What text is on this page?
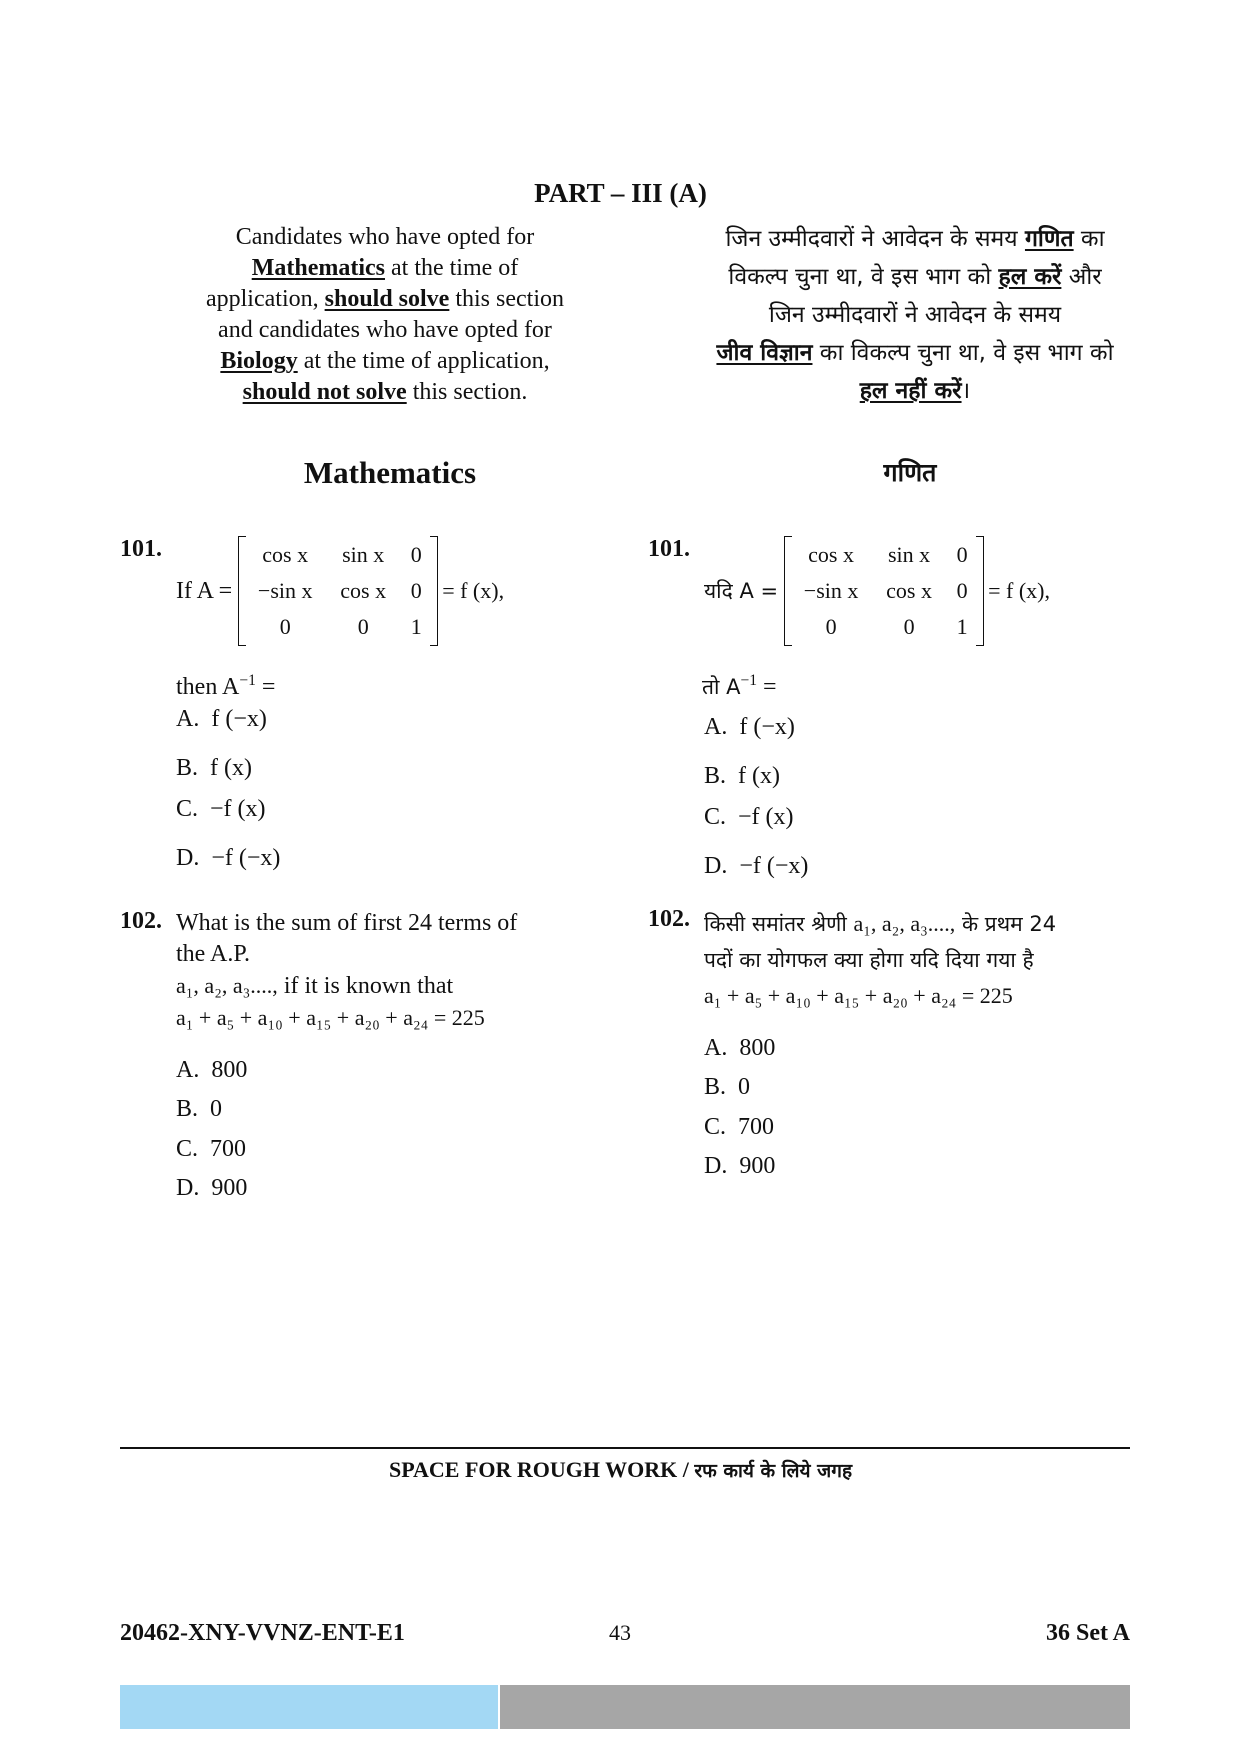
PART – III (A)
Candidates who have opted for
Mathematics at the time of
application, should solve this section
and candidates who have opted for
Biology at the time of application,
should not solve this section.
जिन उम्मीदवारों ने आवेदन के समय गणित का
विकल्प चुना था, वे इस भाग को हल करें और
जिन उम्मीदवारों ने आवेदन के समय
जीव विज्ञान का विकल्प चुना था, वे इस भाग को
हल नहीं करें।
Mathematics	गणित
101.
If A =
cos x	sin x	0
−sin x	cos x	0
0	0	1
= f (x),
then $A^{-1}$ =
A. f (−x)
B. f (x)
C. −f (x)
D. −f (−x)
101.
यदि A =
cos x	sin x	0
−sin x	cos x	0
0	0	1
= f (x),
तो $A^{-1}$ =
A. f (−x)
B. f (x)
C. −f (x)
D. −f (−x)
102. What is the sum of first 24 terms of
the A.P.
a₁, a₂, a₃...., if it is known that
a₁ + a₅ + a₁₀ + a₁₅ + a₂₀ + a₂₄ = 225
A. 800
B. 0
C. 700
D. 900
102. किसी समांतर श्रेणी a₁, a₂, a₃...., के प्रथम 24
पदों का योगफल क्या होगा यदि दिया गया है
a₁ + a₅ + a₁₀ + a₁₅ + a₂₀ + a₂₄ = 225
A. 800
B. 0
C. 700
D. 900
SPACE FOR ROUGH WORK / रफ कार्य के लिये जगह
20462-XNY-VVNZ-ENT-E1	43	36 Set A
